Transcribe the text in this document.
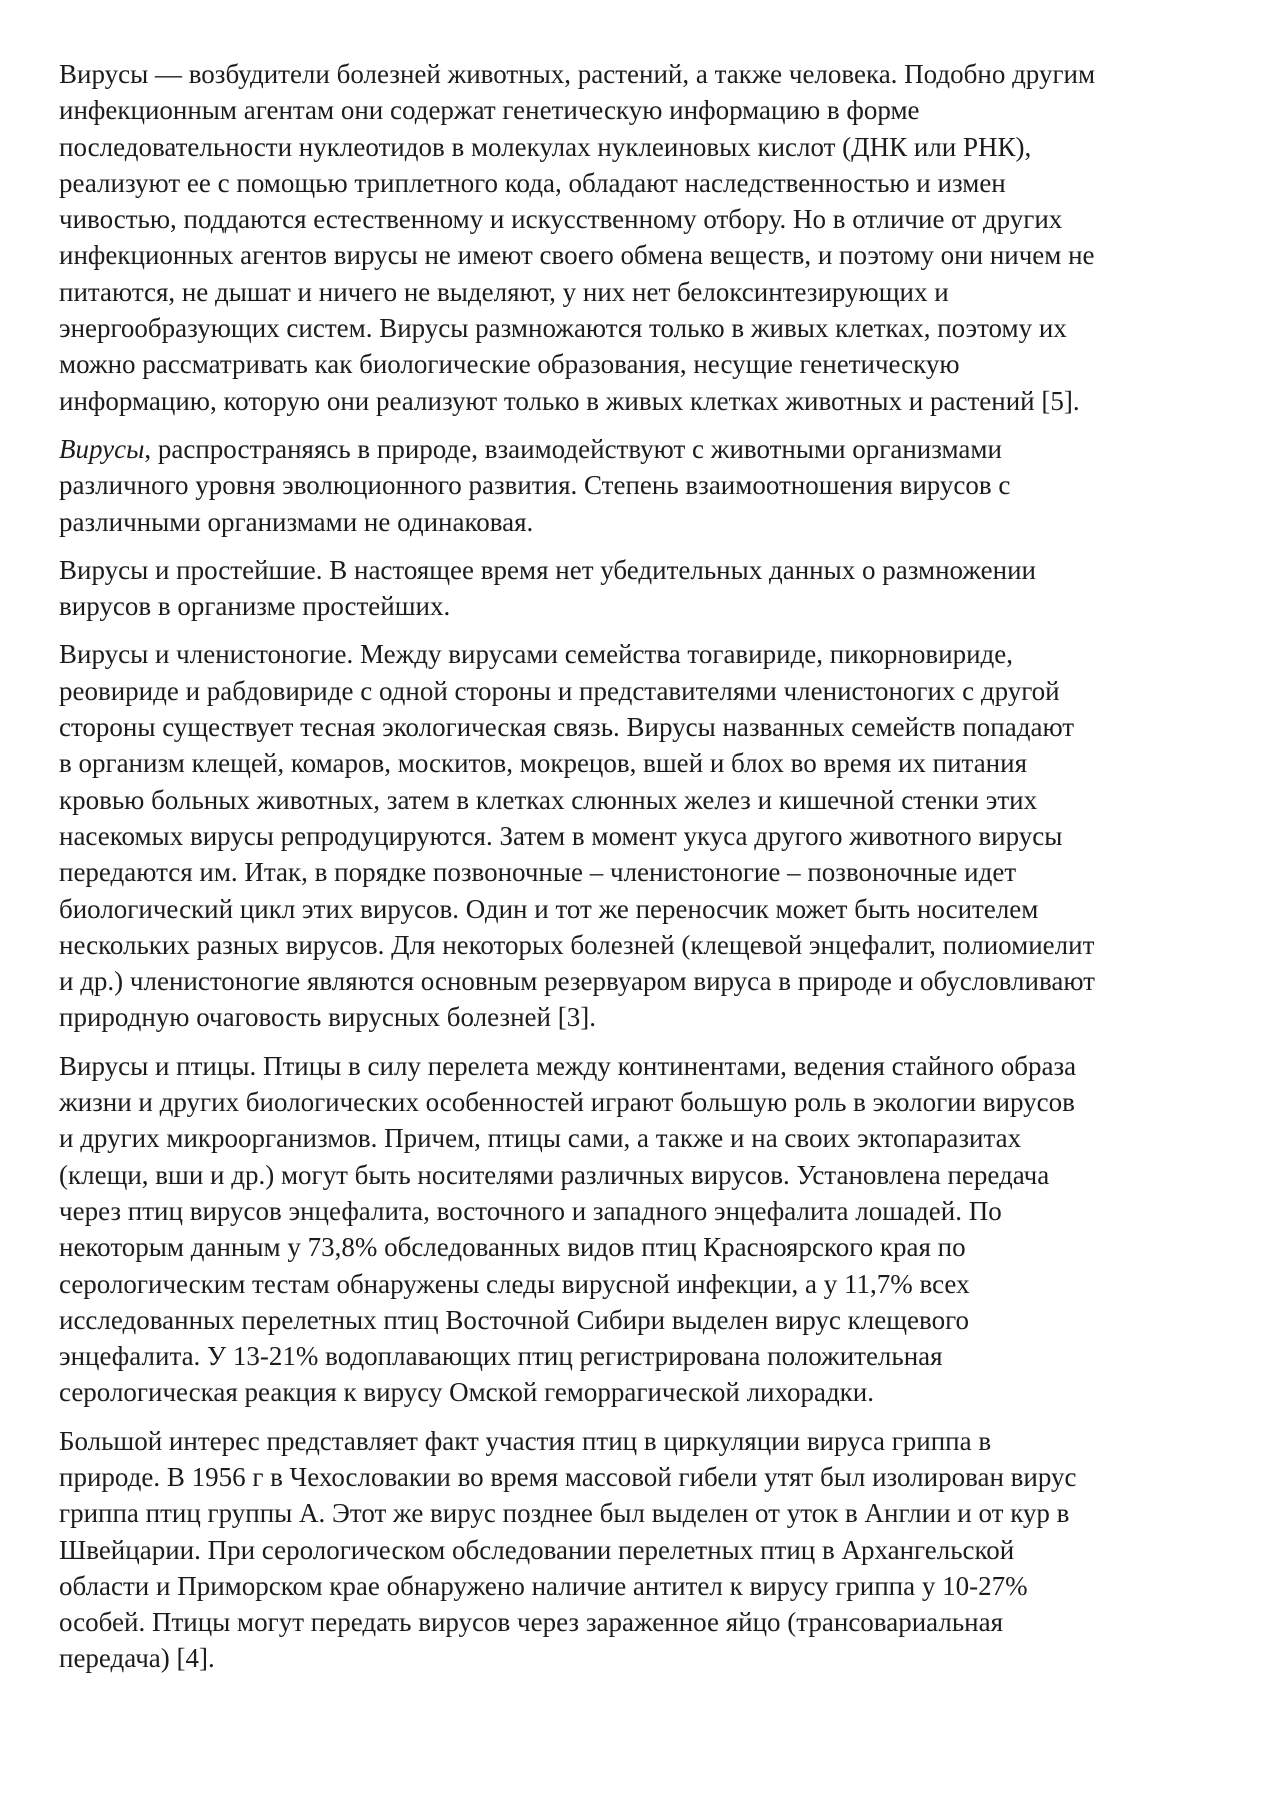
Вирусы — возбудители болезней животных, растений, а также человека. Подобно другим
инфекционным агентам они содержат генетическую информацию в форме
последовательности нуклеотидов в молекулах нуклеиновых кислот (ДНК или РНК),
реализуют ее с помощью триплетного кода, обладают наследственностью и измен
чивостью, поддаются естественному и искусственному отбору. Но в отличие от других
инфекционных агентов вирусы не имеют своего обмена веществ, и поэтому они ничем не
питаются, не дышат и ничего не выделяют, у них нет белоксинтезирующих и
энергообразующих систем. Вирусы размножаются только в живых клетках, поэтому их
можно рассматривать как биологические образования, несущие генетическую
информацию, которую они реализуют только в живых клетках животных и растений [5].

Вирусы, распространяясь в природе, взаимодействуют с животными организмами
различного уровня эволюционного развития. Степень взаимоотношения вирусов с
различными организмами не одинаковая.

Вирусы и простейшие. В настоящее время нет убедительных данных о размножении
вирусов в организме простейших.

Вирусы и членистоногие. Между вирусами семейства тогавириде, пикорновириде,
реовириде и рабдовириде с одной стороны и представителями членистоногих с другой
стороны существует тесная экологическая связь. Вирусы названных семейств попадают
в организм клещей, комаров, москитов, мокрецов, вшей и блох во время их питания
кровью больных животных, затем в клетках слюнных желез и кишечной стенки этих
насекомых вирусы репродуцируются. Затем в момент укуса другого животного вирусы
передаются им. Итак, в порядке позвоночные – членистоногие – позвоночные идет
биологический цикл этих вирусов. Один и тот же переносчик может быть носителем
нескольких разных вирусов. Для некоторых болезней (клещевой энцефалит, полиомиелит
и др.) членистоногие являются основным резервуаром вируса в природе и обусловливают
природную очаговость вирусных болезней [3].

Вирусы и птицы. Птицы в силу перелета между континентами, ведения стайного образа
жизни и других биологических особенностей играют большую роль в экологии вирусов
и других микроорганизмов. Причем, птицы сами, а также и на своих эктопаразитах
(клещи, вши и др.) могут быть носителями различных вирусов. Установлена передача
через птиц вирусов энцефалита, восточного и западного энцефалита лошадей. По
некоторым данным у 73,8% обследованных видов птиц Красноярского края по
серологическим тестам обнаружены следы вирусной инфекции, а у 11,7% всех
исследованных перелетных птиц Восточной Сибири выделен вирус клещевого
энцефалита. У 13-21% водоплавающих птиц регистрирована положительная
серологическая реакция к вирусу Омской геморрагической лихорадки.

Большой интерес представляет факт участия птиц в циркуляции вируса гриппа в
природе. В 1956 г в Чехословакии во время массовой гибели утят был изолирован вирус
гриппа птиц группы А. Этот же вирус позднее был выделен от уток в Англии и от кур в
Швейцарии. При серологическом обследовании перелетных птиц в Архангельской
области и Приморском крае обнаружено наличие антител к вирусу гриппа у 10-27%
особей. Птицы могут передать вирусов через зараженное яйцо (трансовариальная
передача) [4].
